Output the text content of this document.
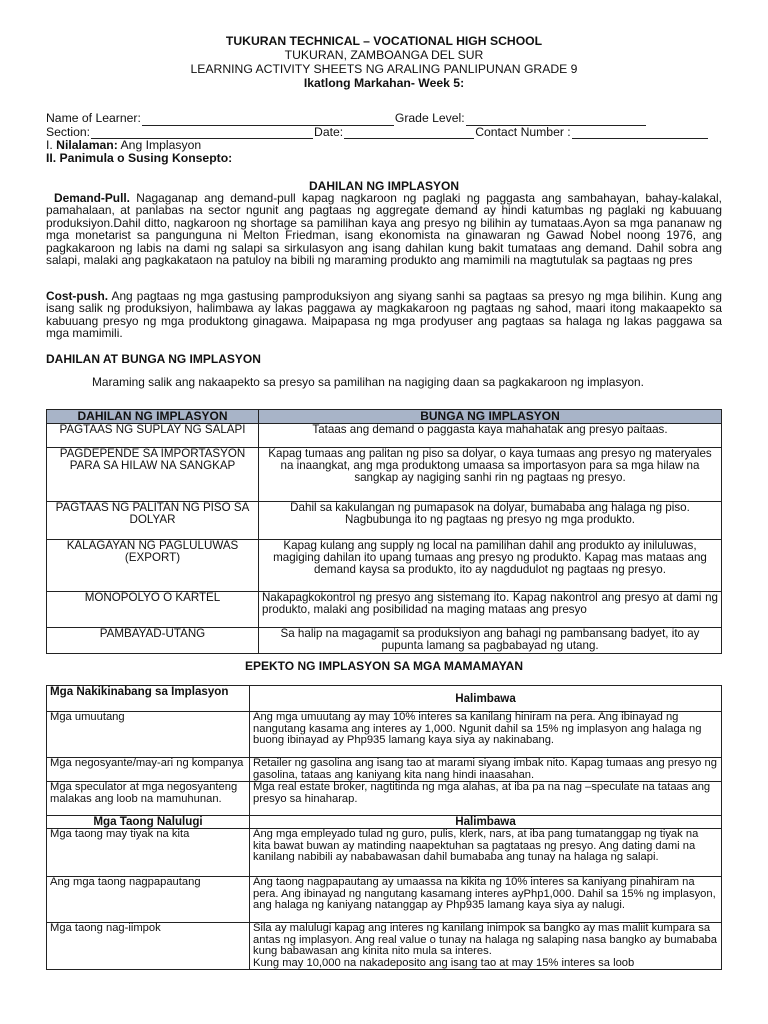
TUKURAN TECHNICAL – VOCATIONAL HIGH SCHOOL
TUKURAN, ZAMBOANGA DEL SUR
LEARNING ACTIVITY SHEETS NG ARALING PANLIPUNAN GRADE 9
Ikatlong Markahan- Week 5:
Name of Learner:	Grade Level:
Section:	Date:	Contact Number :
I. Nilalaman: Ang Implasyon
II. Panimula o Susing Konsepto:
DAHILAN NG IMPLASYON
Demand-Pull. Nagaganap ang demand-pull kapag nagkaroon ng paglaki ng paggasta ang sambahayan, bahay-kalakal, pamahalaan, at panlabas na sector ngunit ang pagtaas ng aggregate demand ay hindi katumbas ng paglaki ng kabuuang produksiyon.Dahil ditto, nagkaroon ng shortage sa pamilihan kaya ang presyo ng bilihin ay tumataas.Ayon sa mga pananaw ng mga monetarist sa pangunguna ni Melton Friedman, isang ekonomista na ginawaran ng Gawad Nobel noong 1976, ang pagkakaroon ng labis na dami ng salapi sa sirkulasyon ang isang dahilan kung bakit tumataas ang demand. Dahil sobra ang salapi, malaki ang pagkakataon na patuloy na bibili ng maraming produkto ang mamimili na magtutulak sa pagtaas ng pres
Cost-push. Ang pagtaas ng mga gastusing pamproduksiyon ang siyang sanhi sa pagtaas sa presyo ng mga bilihin. Kung ang isang salik ng produksiyon, halimbawa ay lakas paggawa ay magkakaroon ng pagtaas ng sahod, maari itong makaapekto sa kabuuang presyo ng mga produktong ginagawa. Maipapasa ng mga prodyuser ang pagtaas sa halaga ng lakas paggawa sa mga mamimili.
DAHILAN AT BUNGA NG IMPLASYON
Maraming salik ang nakaapekto sa presyo sa pamilihan na nagiging daan sa pagkakaroon ng implasyon.
DAHILAN NG IMPLASYON	BUNGA NG IMPLASYON
PAGTAAS NG SUPLAY NG SALAPI	Tataas ang demand o paggasta kaya mahahatak ang presyo paitaas.
PAGDEPENDE SA IMPORTASYON PARA SA HILAW NA SANGKAP	Kapag tumaas ang palitan ng piso sa dolyar, o kaya tumaas ang presyo ng materyales na inaangkat, ang mga produktong umaasa sa importasyon para sa mga hilaw na sangkap ay nagiging sanhi rin ng pagtaas ng presyo.
PAGTAAS NG PALITAN NG PISO SA DOLYAR	Dahil sa kakulangan ng pumapasok na dolyar, bumababa ang halaga ng piso. Nagbubunga ito ng pagtaas ng presyo ng mga produkto.
KALAGAYAN NG PAGLULUWAS (EXPORT)	Kapag kulang ang supply ng local na pamilihan dahil ang produkto ay iniluluwas, magiging dahilan ito upang tumaas ang presyo ng produkto. Kapag mas mataas ang demand kaysa sa produkto, ito ay nagdudulot ng pagtaas ng presyo.
MONOPOLYO O KARTEL	Nakapagkokontrol ng presyo ang sistemang ito. Kapag nakontrol ang presyo at dami ng produkto, malaki ang posibilidad na maging mataas ang presyo
PAMBAYAD-UTANG	Sa halip na magagamit sa produksiyon ang bahagi ng pambansang badyet, ito ay pupunta lamang sa pagbabayad ng utang.
EPEKTO NG IMPLASYON SA MGA MAMAMAYAN
Mga Nakikinabang sa Implasyon	Halimbawa
Mga umuutang	Ang mga umuutang ay may 10% interes sa kanilang hiniram na pera. Ang ibinayad ng nangutang kasama ang interes ay 1,000. Ngunit dahil sa 15% ng implasyon ang halaga ng buong ibinayad ay Php935 lamang kaya siya ay nakinabang.
Mga negosyante/may-ari ng kompanya	Retailer ng gasolina ang isang tao at marami siyang imbak nito. Kapag tumaas ang presyo ng gasolina, tataas ang kaniyang kita nang hindi inaasahan.
Mga speculator at mga negosyanteng malakas ang loob na mamuhunan.	Mga real estate broker, nagtitinda ng mga alahas, at iba pa na nag –speculate na tataas ang presyo sa hinaharap.
Mga Taong Nalulugi	Halimbawa
Mga taong may tiyak na kita	Ang mga empleyado tulad ng guro, pulis, klerk, nars, at iba pang tumatanggap ng tiyak na kita bawat buwan ay matinding naapektuhan sa pagtataas ng presyo. Ang dating dami na kanilang nabibili ay nababawasan dahil bumababa ang tunay na halaga ng salapi.
Ang mga taong nagpapautang	Ang taong nagpapautang ay umaassa na kikita ng 10% interes sa kaniyang pinahiram na pera. Ang ibinayad ng nangutang kasamang interes ayPhp1,000. Dahil sa 15% ng implasyon, ang halaga ng kaniyang natanggap ay Php935 lamang kaya siya ay nalugi.
Mga taong nag-iimpok	Sila ay malulugi kapag ang interes ng kanilang inimpok sa bangko ay mas maliit kumpara sa antas ng implasyon. Ang real value o tunay na halaga ng salaping nasa bangko ay bumababa kung babawasan ang kinita nito mula sa interes.
Kung may 10,000 na nakadeposito ang isang tao at may 15% interes sa loob
